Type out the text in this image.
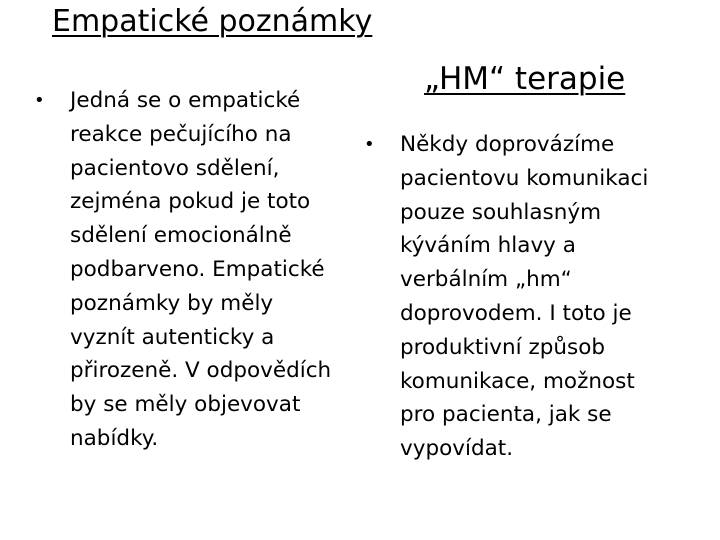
Empatické poznámky
• Jedná se o empatické
reakce pečujícího na
pacientovo sdělení,
zejména pokud je toto
sdělení emocionálně
podbarveno. Empatické
poznámky by měly
vyznít autenticky a
přirozeně. V odpovědích
by se měly objevovat
nabídky.
„HM“ terapie
• Někdy doprovázíme
pacientovu komunikaci
pouze souhlasným
kýváním hlavy a
verbálním „hm“
doprovodem. I toto je
produktivní způsob
komunikace, možnost
pro pacienta, jak se
vypovídat.
